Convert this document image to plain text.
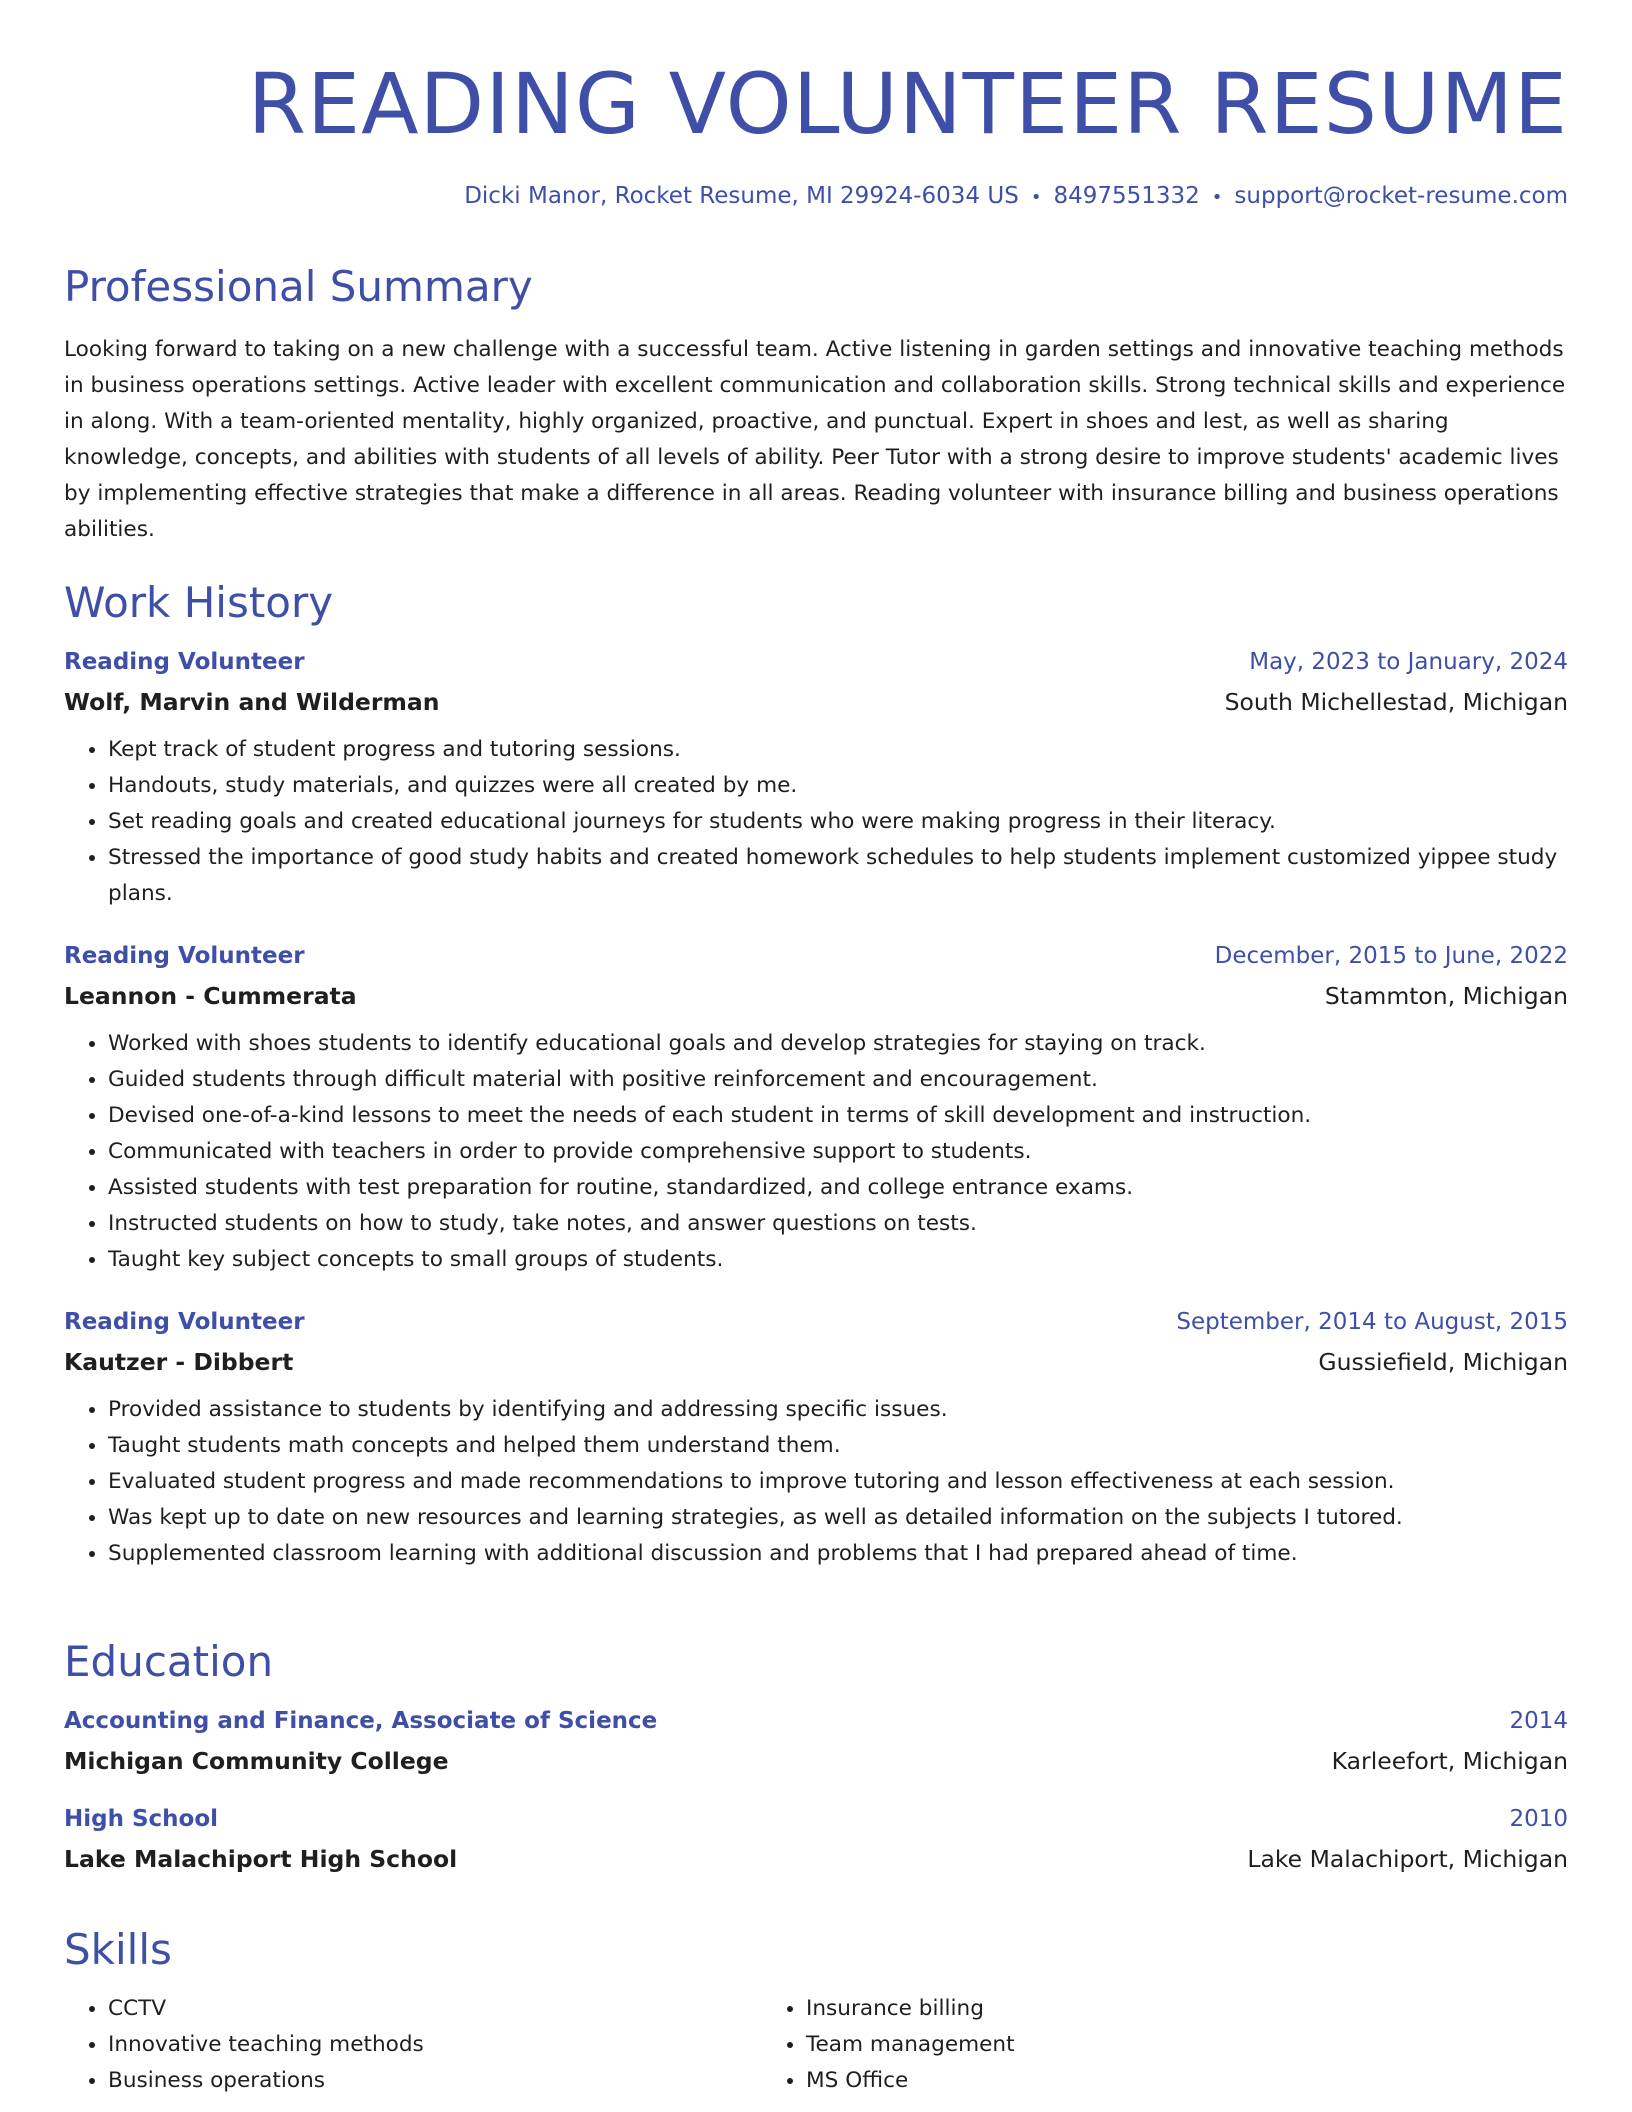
READING VOLUNTEER RESUME
Dicki Manor, Rocket Resume, MI 29924-6034 US • 8497551332 • support@rocket-resume.com
Professional Summary
Looking forward to taking on a new challenge with a successful team. Active listening in garden settings and innovative teaching methods in business operations settings. Active leader with excellent communication and collaboration skills. Strong technical skills and experience in along. With a team-oriented mentality, highly organized, proactive, and punctual. Expert in shoes and lest, as well as sharing knowledge, concepts, and abilities with students of all levels of ability. Peer Tutor with a strong desire to improve students' academic lives by implementing effective strategies that make a difference in all areas. Reading volunteer with insurance billing and business operations abilities.
Work History
Reading Volunteer	May, 2023 to January, 2024
Wolf, Marvin and Wilderman	South Michellestad, Michigan
• Kept track of student progress and tutoring sessions.
• Handouts, study materials, and quizzes were all created by me.
• Set reading goals and created educational journeys for students who were making progress in their literacy.
• Stressed the importance of good study habits and created homework schedules to help students implement customized yippee study plans.
Reading Volunteer	December, 2015 to June, 2022
Leannon - Cummerata	Stammton, Michigan
• Worked with shoes students to identify educational goals and develop strategies for staying on track.
• Guided students through difficult material with positive reinforcement and encouragement.
• Devised one-of-a-kind lessons to meet the needs of each student in terms of skill development and instruction.
• Communicated with teachers in order to provide comprehensive support to students.
• Assisted students with test preparation for routine, standardized, and college entrance exams.
• Instructed students on how to study, take notes, and answer questions on tests.
• Taught key subject concepts to small groups of students.
Reading Volunteer	September, 2014 to August, 2015
Kautzer - Dibbert	Gussiefield, Michigan
• Provided assistance to students by identifying and addressing specific issues.
• Taught students math concepts and helped them understand them.
• Evaluated student progress and made recommendations to improve tutoring and lesson effectiveness at each session.
• Was kept up to date on new resources and learning strategies, as well as detailed information on the subjects I tutored.
• Supplemented classroom learning with additional discussion and problems that I had prepared ahead of time.
Education
Accounting and Finance, Associate of Science	2014
Michigan Community College	Karleefort, Michigan
High School	2010
Lake Malachiport High School	Lake Malachiport, Michigan
Skills
• CCTV
• Innovative teaching methods
• Business operations
• Insurance billing
• Team management
• MS Office
